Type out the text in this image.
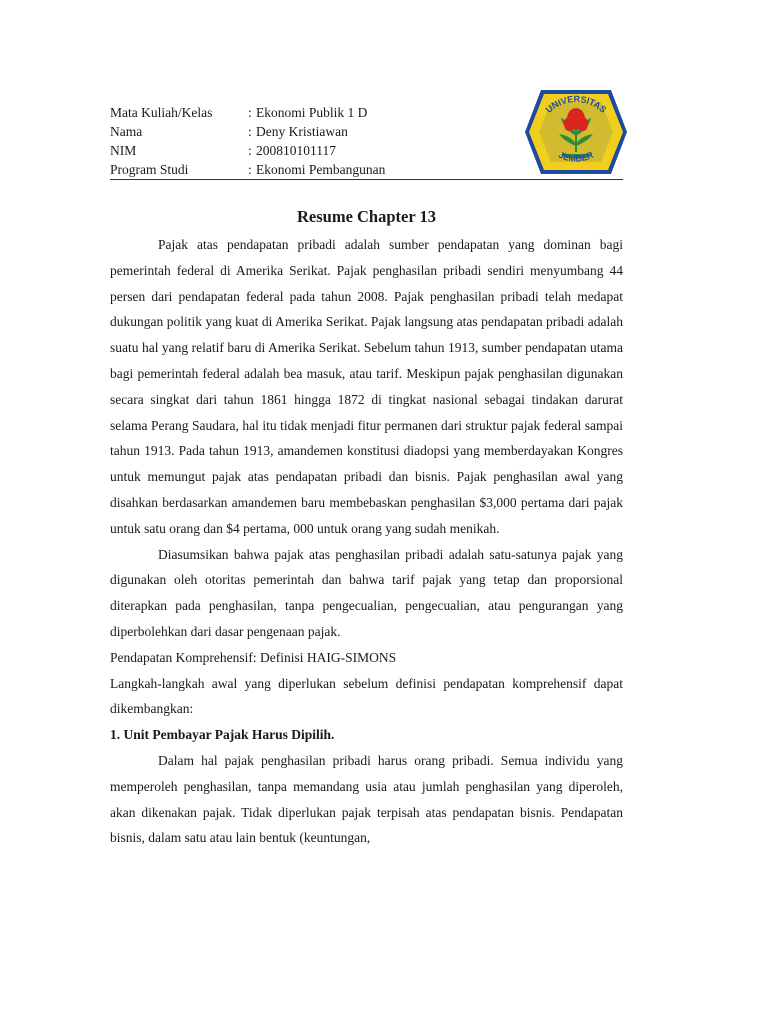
Mata Kuliah/Kelas	: Ekonomi Publik 1 D
Nama	: Deny Kristiawan
NIM	: 200810101117
Program Studi	: Ekonomi Pembangunan
UNIVERSITAS
JEMBER
Resume Chapter 13

Pajak atas pendapatan pribadi adalah sumber pendapatan yang dominan bagi pemerintah federal di Amerika Serikat. Pajak penghasilan pribadi sendiri menyumbang 44 persen dari pendapatan federal pada tahun 2008. Pajak penghasilan pribadi telah medapat dukungan politik yang kuat di Amerika Serikat. Pajak langsung atas pendapatan pribadi adalah suatu hal yang relatif baru di Amerika Serikat. Sebelum tahun 1913, sumber pendapatan utama bagi pemerintah federal adalah bea masuk, atau tarif. Meskipun pajak penghasilan digunakan secara singkat dari tahun 1861 hingga 1872 di tingkat nasional sebagai tindakan darurat selama Perang Saudara, hal itu tidak menjadi fitur permanen dari struktur pajak federal sampai tahun 1913. Pada tahun 1913, amandemen konstitusi diadopsi yang memberdayakan Kongres untuk memungut pajak atas pendapatan pribadi dan bisnis. Pajak penghasilan awal yang disahkan berdasarkan amandemen baru membebaskan penghasilan $3,000 pertama dari pajak untuk satu orang dan $4 pertama, 000 untuk orang yang sudah menikah.

Diasumsikan bahwa pajak atas penghasilan pribadi adalah satu-satunya pajak yang digunakan oleh otoritas pemerintah dan bahwa tarif pajak yang tetap dan proporsional diterapkan pada penghasilan, tanpa pengecualian, pengecualian, atau pengurangan yang diperbolehkan dari dasar pengenaan pajak.

Pendapatan Komprehensif: Definisi HAIG-SIMONS

Langkah-langkah awal yang diperlukan sebelum definisi pendapatan komprehensif dapat dikembangkan:

1. Unit Pembayar Pajak Harus Dipilih.

Dalam hal pajak penghasilan pribadi harus orang pribadi. Semua individu yang memperoleh penghasilan, tanpa memandang usia atau jumlah penghasilan yang diperoleh, akan dikenakan pajak. Tidak diperlukan pajak terpisah atas pendapatan bisnis. Pendapatan bisnis, dalam satu atau lain bentuk (keuntungan,
